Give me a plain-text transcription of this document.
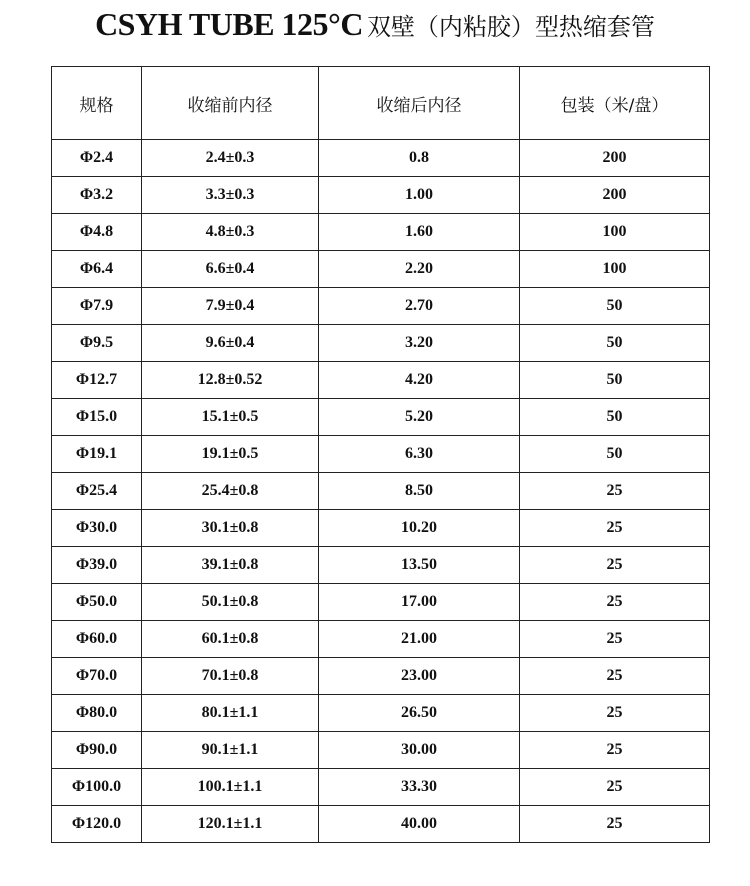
CSYH TUBE 125°C 双壁（内粘胶）型热缩套管
规格	收缩前内径	收缩后内径	包装（米/盘）
Φ2.4	2.4±0.3	0.8	200
Φ3.2	3.3±0.3	1.00	200
Φ4.8	4.8±0.3	1.60	100
Φ6.4	6.6±0.4	2.20	100
Φ7.9	7.9±0.4	2.70	50
Φ9.5	9.6±0.4	3.20	50
Φ12.7	12.8±0.52	4.20	50
Φ15.0	15.1±0.5	5.20	50
Φ19.1	19.1±0.5	6.30	50
Φ25.4	25.4±0.8	8.50	25
Φ30.0	30.1±0.8	10.20	25
Φ39.0	39.1±0.8	13.50	25
Φ50.0	50.1±0.8	17.00	25
Φ60.0	60.1±0.8	21.00	25
Φ70.0	70.1±0.8	23.00	25
Φ80.0	80.1±1.1	26.50	25
Φ90.0	90.1±1.1	30.00	25
Φ100.0	100.1±1.1	33.30	25
Φ120.0	120.1±1.1	40.00	25
